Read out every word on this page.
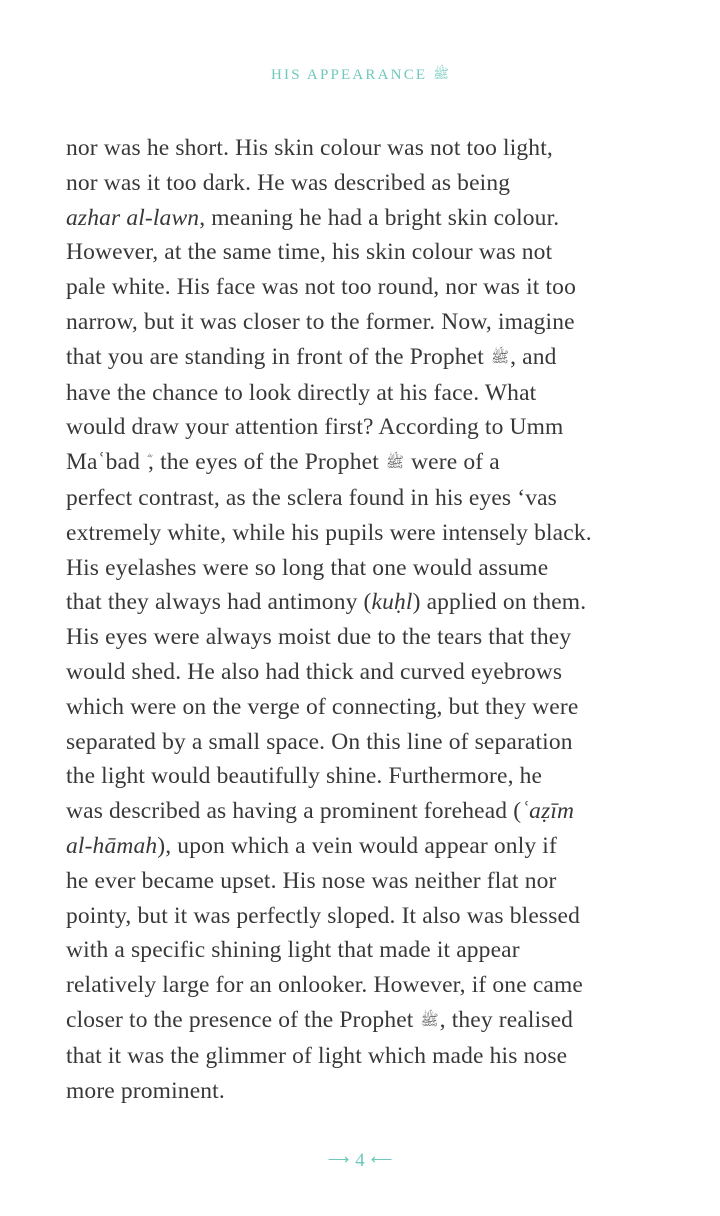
HIS APPEARANCE ﷺ
nor was he short. His skin colour was not too light,
nor was it too dark. He was described as being
azhar al-lawn, meaning he had a bright skin colour.
However, at the same time, his skin colour was not
pale white. His face was not too round, nor was it too
narrow, but it was closer to the former. Now, imagine
that you are standing in front of the Prophet ﷺ, and
have the chance to look directly at his face. What
would draw your attention first? According to Umm
Maʿbad , the eyes of the Prophet ﷺ were of a
perfect contrast, as the sclera found in his eyes ʻvas
extremely white, while his pupils were intensely black.
His eyelashes were so long that one would assume
that they always had antimony (kuḥl) applied on them.
His eyes were always moist due to the tears that they
would shed. He also had thick and curved eyebrows
which were on the verge of connecting, but they were
separated by a small space. On this line of separation
the light would beautifully shine. Furthermore, he
was described as having a prominent forehead (ʿaẓīm
al-hāmah), upon which a vein would appear only if
he ever became upset. His nose was neither flat nor
pointy, but it was perfectly sloped. It also was blessed
with a specific shining light that made it appear
relatively large for an onlooker. However, if one came
closer to the presence of the Prophet ﷺ, they realised
that it was the glimmer of light which made his nose
more prominent.
⟶ 4 ⟵
